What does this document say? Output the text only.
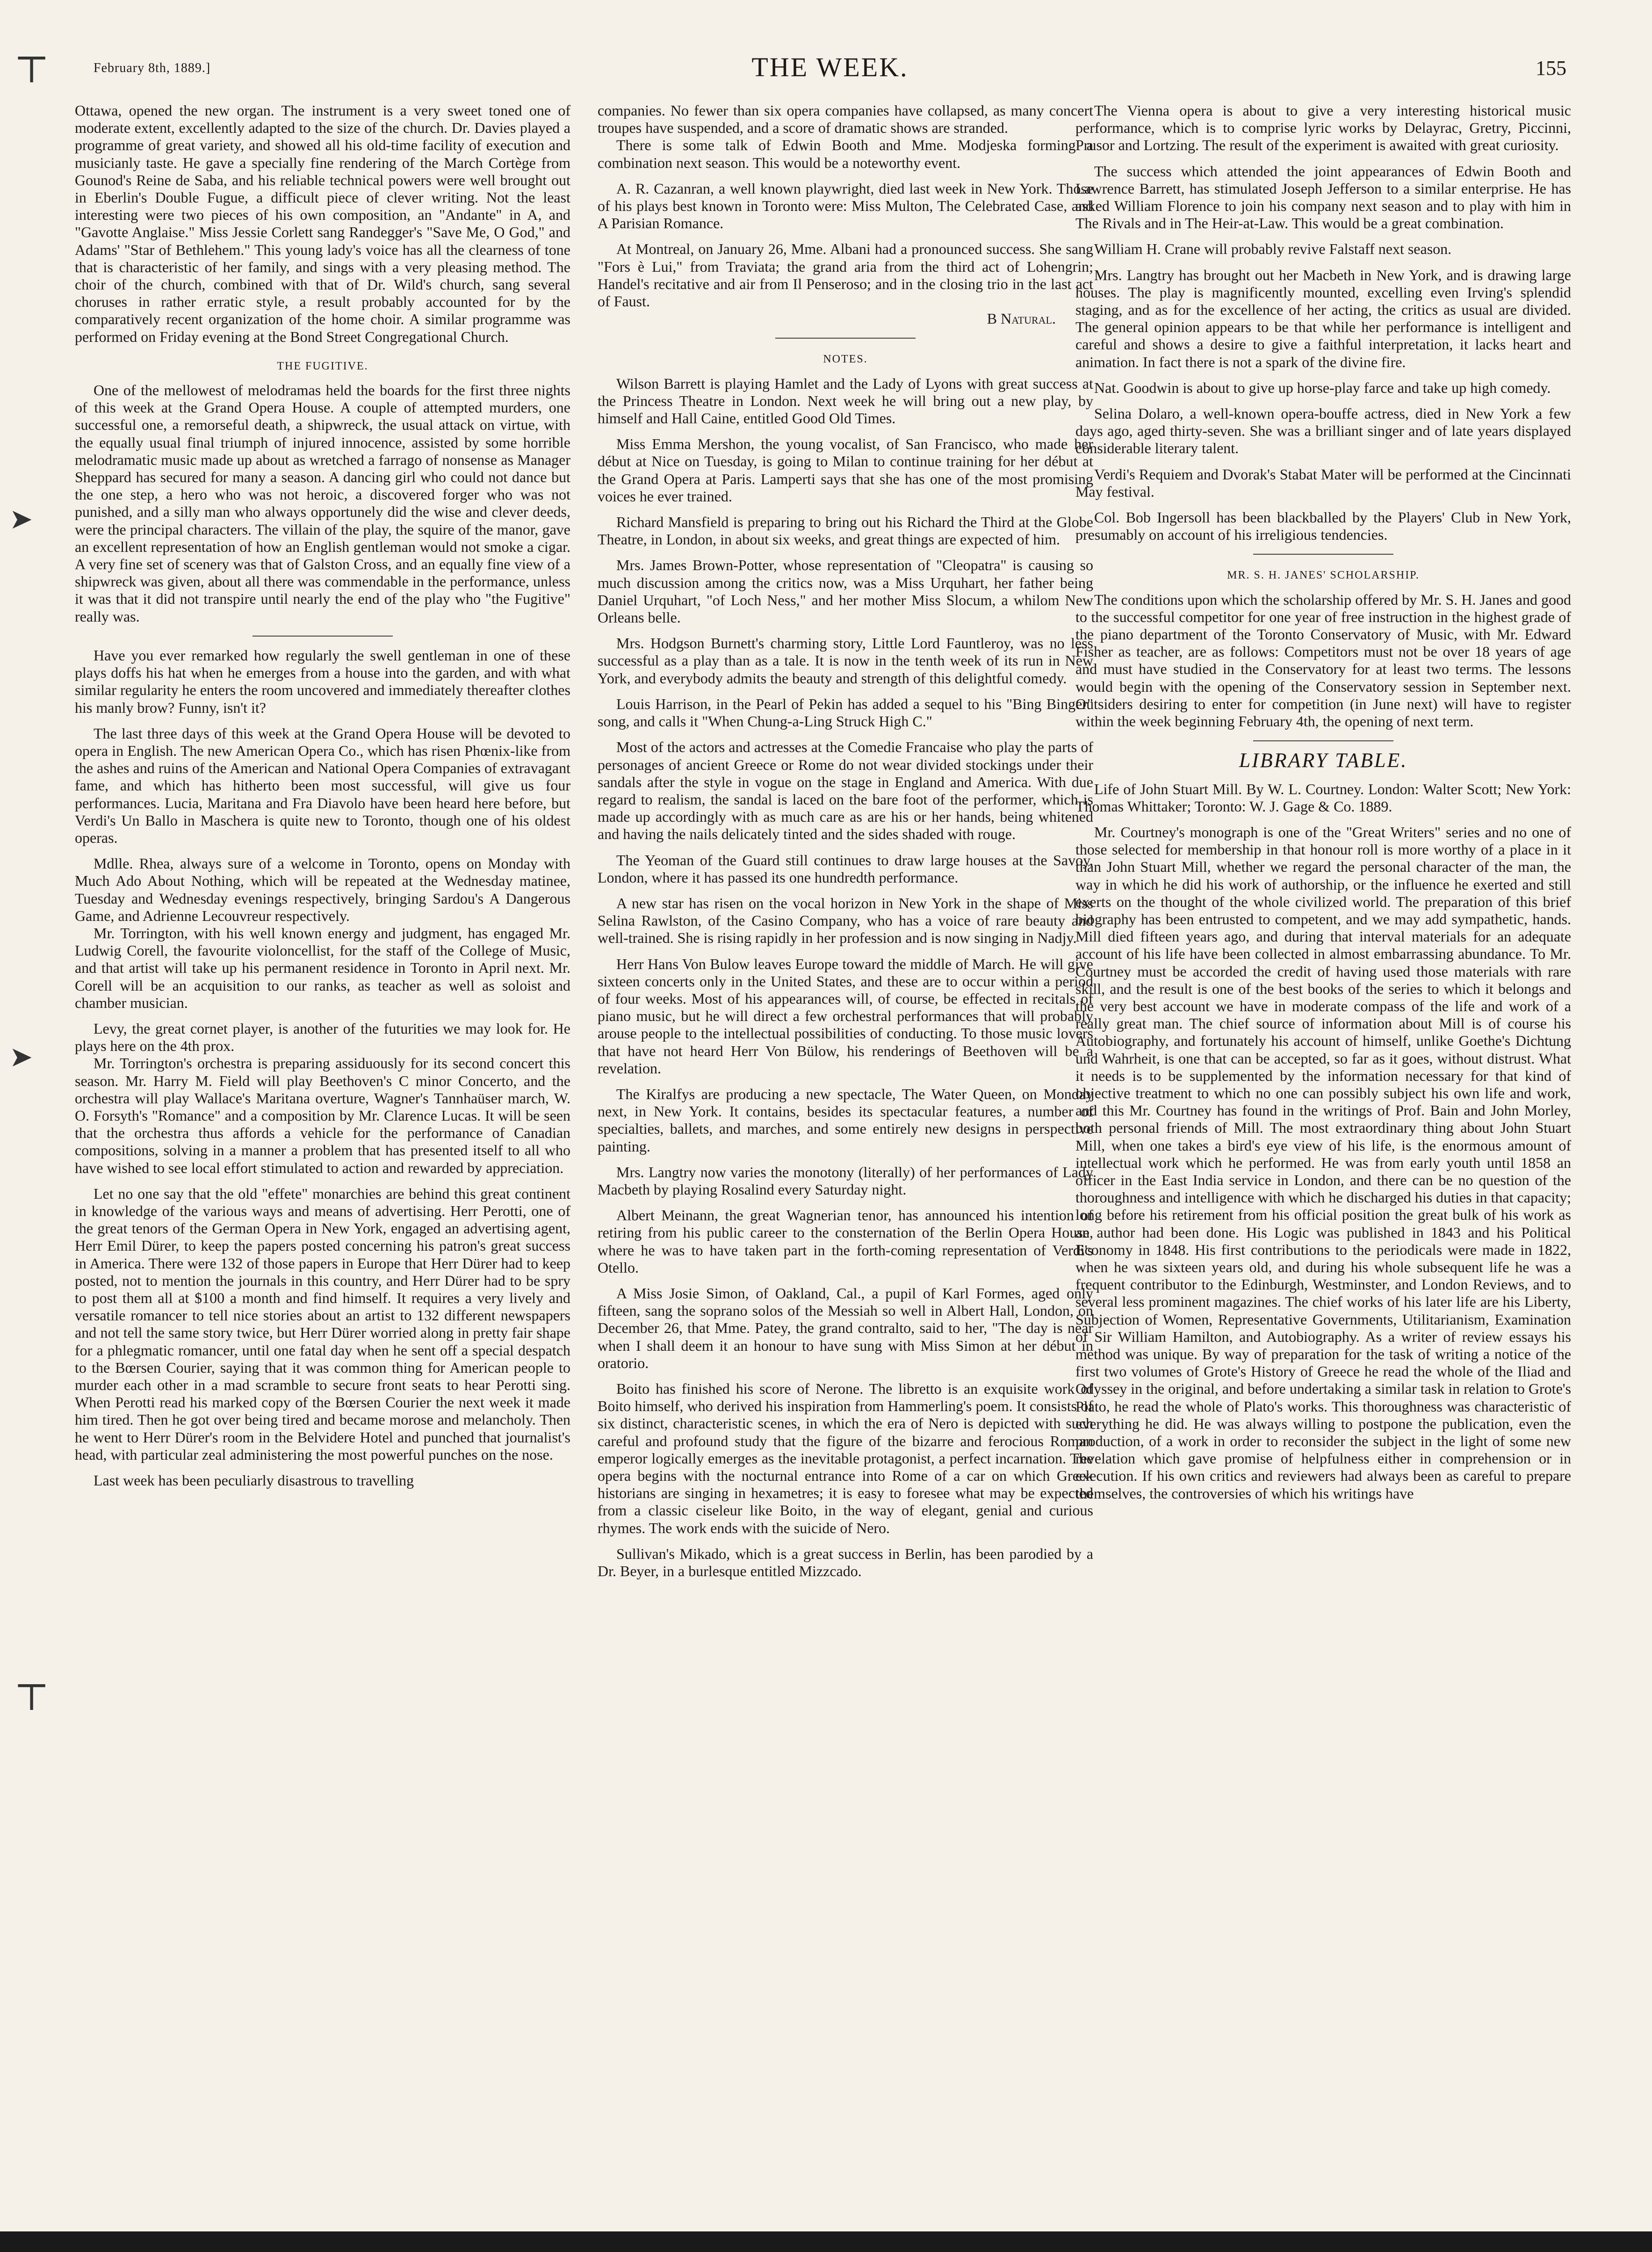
February 8th, 1889.]	THE WEEK.	155
⊤
➤
➤
⊤

Ottawa, opened the new organ. The instrument is a very sweet toned one of moderate extent, excellently adapted to the size of the church. Dr. Davies played a programme of great variety, and showed all his old-time facility of execution and musicianly taste. He gave a specially fine rendering of the March Cortège from Gounod's Reine de Saba, and his reliable technical powers were well brought out in Eberlin's Double Fugue, a difficult piece of clever writing. Not the least interesting were two pieces of his own composition, an "Andante" in A, and "Gavotte Anglaise." Miss Jessie Corlett sang Randegger's "Save Me, O God," and Adams' "Star of Bethlehem." This young lady's voice has all the clearness of tone that is characteristic of her family, and sings with a very pleasing method. The choir of the church, combined with that of Dr. Wild's church, sang several choruses in rather erratic style, a result probably accounted for by the comparatively recent organization of the home choir. A similar programme was performed on Friday evening at the Bond Street Congregational Church.

THE FUGITIVE.

One of the mellowest of melodramas held the boards for the first three nights of this week at the Grand Opera House. A couple of attempted murders, one successful one, a remorseful death, a shipwreck, the usual attack on virtue, with the equally usual final triumph of injured innocence, assisted by some horrible melodramatic music made up about as wretched a farrago of nonsense as Manager Sheppard has secured for many a season. A dancing girl who could not dance but the one step, a hero who was not heroic, a discovered forger who was not punished, and a silly man who always opportunely did the wise and clever deeds, were the principal characters. The villain of the play, the squire of the manor, gave an excellent representation of how an English gentleman would not smoke a cigar. A very fine set of scenery was that of Galston Cross, and an equally fine view of a shipwreck was given, about all there was commendable in the performance, unless it was that it did not transpire until nearly the end of the play who "the Fugitive" really was.

Have you ever remarked how regularly the swell gentleman in one of these plays doffs his hat when he emerges from a house into the garden, and with what similar regularity he enters the room uncovered and immediately thereafter clothes his manly brow? Funny, isn't it?

The last three days of this week at the Grand Opera House will be devoted to opera in English. The new American Opera Co., which has risen Phœnix-like from the ashes and ruins of the American and National Opera Companies of extravagant fame, and which has hitherto been most successful, will give us four performances. Lucia, Maritana and Fra Diavolo have been heard here before, but Verdi's Un Ballo in Maschera is quite new to Toronto, though one of his oldest operas.

Mdlle. Rhea, always sure of a welcome in Toronto, opens on Monday with Much Ado About Nothing, which will be repeated at the Wednesday matinee, Tuesday and Wednesday evenings respectively, bringing Sardou's A Dangerous Game, and Adrienne Lecouvreur respectively.

Mr. Torrington, with his well known energy and judgment, has engaged Mr. Ludwig Corell, the favourite violoncellist, for the staff of the College of Music, and that artist will take up his permanent residence in Toronto in April next. Mr. Corell will be an acquisition to our ranks, as teacher as well as soloist and chamber musician.

Levy, the great cornet player, is another of the futurities we may look for. He plays here on the 4th prox.

Mr. Torrington's orchestra is preparing assiduously for its second concert this season. Mr. Harry M. Field will play Beethoven's C minor Concerto, and the orchestra will play Wallace's Maritana overture, Wagner's Tannhaüser march, W. O. Forsyth's "Romance" and a composition by Mr. Clarence Lucas. It will be seen that the orchestra thus affords a vehicle for the performance of Canadian compositions, solving in a manner a problem that has presented itself to all who have wished to see local effort stimulated to action and rewarded by appreciation.

Let no one say that the old "effete" monarchies are behind this great continent in knowledge of the various ways and means of advertising. Herr Perotti, one of the great tenors of the German Opera in New York, engaged an advertising agent, Herr Emil Dürer, to keep the papers posted concerning his patron's great success in America. There were 132 of those papers in Europe that Herr Dürer had to keep posted, not to mention the journals in this country, and Herr Dürer had to be spry to post them all at $100 a month and find himself. It requires a very lively and versatile romancer to tell nice stories about an artist to 132 different newspapers and not tell the same story twice, but Herr Dürer worried along in pretty fair shape for a phlegmatic romancer, until one fatal day when he sent off a special despatch to the Bœrsen Courier, saying that it was common thing for American people to murder each other in a mad scramble to secure front seats to hear Perotti sing. When Perotti read his marked copy of the Bœrsen Courier the next week it made him tired. Then he got over being tired and became morose and melancholy. Then he went to Herr Dürer's room in the Belvidere Hotel and punched that journalist's head, with particular zeal administering the most powerful punches on the nose.

Last week has been peculiarly disastrous to travelling

companies. No fewer than six opera companies have collapsed, as many concert troupes have suspended, and a score of dramatic shows are stranded.

There is some talk of Edwin Booth and Mme. Modjeska forming a combination next season. This would be a noteworthy event.

A. R. Cazanran, a well known playwright, died last week in New York. Those of his plays best known in Toronto were: Miss Multon, The Celebrated Case, and A Parisian Romance.

At Montreal, on January 26, Mme. Albani had a pronounced success. She sang "Fors è Lui," from Traviata; the grand aria from the third act of Lohengrin; Handel's recitative and air from Il Penseroso; and in the closing trio in the last act of Faust.

B Natural.

NOTES.

Wilson Barrett is playing Hamlet and the Lady of Lyons with great success at the Princess Theatre in London. Next week he will bring out a new play, by himself and Hall Caine, entitled Good Old Times.

Miss Emma Mershon, the young vocalist, of San Francisco, who made her début at Nice on Tuesday, is going to Milan to continue training for her début at the Grand Opera at Paris. Lamperti says that she has one of the most promising voices he ever trained.

Richard Mansfield is preparing to bring out his Richard the Third at the Globe Theatre, in London, in about six weeks, and great things are expected of him.

Mrs. James Brown-Potter, whose representation of "Cleopatra" is causing so much discussion among the critics now, was a Miss Urquhart, her father being Daniel Urquhart, "of Loch Ness," and her mother Miss Slocum, a whilom New Orleans belle.

Mrs. Hodgson Burnett's charming story, Little Lord Fauntleroy, was no less successful as a play than as a tale. It is now in the tenth week of its run in New York, and everybody admits the beauty and strength of this delightful comedy.

Louis Harrison, in the Pearl of Pekin has added a sequel to his "Bing Binger" song, and calls it "When Chung-a-Ling Struck High C."

Most of the actors and actresses at the Comedie Francaise who play the parts of personages of ancient Greece or Rome do not wear divided stockings under their sandals after the style in vogue on the stage in England and America. With due regard to realism, the sandal is laced on the bare foot of the performer, which is made up accordingly with as much care as are his or her hands, being whitened and having the nails delicately tinted and the sides shaded with rouge.

The Yeoman of the Guard still continues to draw large houses at the Savoy, London, where it has passed its one hundredth performance.

A new star has risen on the vocal horizon in New York in the shape of Miss Selina Rawlston, of the Casino Company, who has a voice of rare beauty and well-trained. She is rising rapidly in her profession and is now singing in Nadjy.

Herr Hans Von Bulow leaves Europe toward the middle of March. He will give sixteen concerts only in the United States, and these are to occur within a period of four weeks. Most of his appearances will, of course, be effected in recitals of piano music, but he will direct a few orchestral performances that will probably arouse people to the intellectual possibilities of conducting. To those music lovers that have not heard Herr Von Bülow, his renderings of Beethoven will be a revelation.

The Kiralfys are producing a new spectacle, The Water Queen, on Monday next, in New York. It contains, besides its spectacular features, a number of specialties, ballets, and marches, and some entirely new designs in perspective painting.

Mrs. Langtry now varies the monotony (literally) of her performances of Lady Macbeth by playing Rosalind every Saturday night.

Albert Meinann, the great Wagnerian tenor, has announced his intention of retiring from his public career to the consternation of the Berlin Opera House, where he was to have taken part in the forth-coming representation of Verdi's Otello.

A Miss Josie Simon, of Oakland, Cal., a pupil of Karl Formes, aged only fifteen, sang the soprano solos of the Messiah so well in Albert Hall, London, on December 26, that Mme. Patey, the grand contralto, said to her, "The day is near when I shall deem it an honour to have sung with Miss Simon at her début in oratorio.

Boito has finished his score of Nerone. The libretto is an exquisite work of Boito himself, who derived his inspiration from Hammerling's poem. It consists of six distinct, characteristic scenes, in which the era of Nero is depicted with such careful and profound study that the figure of the bizarre and ferocious Roman emperor logically emerges as the inevitable protagonist, a perfect incarnation. The opera begins with the nocturnal entrance into Rome of a car on which Greek historians are singing in hexametres; it is easy to foresee what may be expected from a classic ciseleur like Boito, in the way of elegant, genial and curious rhymes. The work ends with the suicide of Nero.

Sullivan's Mikado, which is a great success in Berlin, has been parodied by a Dr. Beyer, in a burlesque entitled Mizzcado.

The Vienna opera is about to give a very interesting historical music performance, which is to comprise lyric works by Delayrac, Gretry, Piccinni, Prusor and Lortzing. The result of the experiment is awaited with great curiosity.

The success which attended the joint appearances of Edwin Booth and Lawrence Barrett, has stimulated Joseph Jefferson to a similar enterprise. He has asked William Florence to join his company next season and to play with him in The Rivals and in The Heir-at-Law. This would be a great combination.

William H. Crane will probably revive Falstaff next season.

Mrs. Langtry has brought out her Macbeth in New York, and is drawing large houses. The play is magnificently mounted, excelling even Irving's splendid staging, and as for the excellence of her acting, the critics as usual are divided. The general opinion appears to be that while her performance is intelligent and careful and shows a desire to give a faithful interpretation, it lacks heart and animation. In fact there is not a spark of the divine fire.

Nat. Goodwin is about to give up horse-play farce and take up high comedy.

Selina Dolaro, a well-known opera-bouffe actress, died in New York a few days ago, aged thirty-seven. She was a brilliant singer and of late years displayed considerable literary talent.

Verdi's Requiem and Dvorak's Stabat Mater will be performed at the Cincinnati May festival.

Col. Bob Ingersoll has been blackballed by the Players' Club in New York, presumably on account of his irreligious tendencies.

MR. S. H. JANES' SCHOLARSHIP.

The conditions upon which the scholarship offered by Mr. S. H. Janes and good to the successful competitor for one year of free instruction in the highest grade of the piano department of the Toronto Conservatory of Music, with Mr. Edward Fisher as teacher, are as follows: Competitors must not be over 18 years of age and must have studied in the Conservatory for at least two terms. The lessons would begin with the opening of the Conservatory session in September next. Outsiders desiring to enter for competition (in June next) will have to register within the week beginning February 4th, the opening of next term.

LIBRARY TABLE.

Life of John Stuart Mill. By W. L. Courtney. London: Walter Scott; New York: Thomas Whittaker; Toronto: W. J. Gage & Co. 1889.

Mr. Courtney's monograph is one of the "Great Writers" series and no one of those selected for membership in that honour roll is more worthy of a place in it than John Stuart Mill, whether we regard the personal character of the man, the way in which he did his work of authorship, or the influence he exerted and still exerts on the thought of the whole civilized world. The preparation of this brief biography has been entrusted to competent, and we may add sympathetic, hands. Mill died fifteen years ago, and during that interval materials for an adequate account of his life have been collected in almost embarrassing abundance. To Mr. Courtney must be accorded the credit of having used those materials with rare skill, and the result is one of the best books of the series to which it belongs and the very best account we have in moderate compass of the life and work of a really great man. The chief source of information about Mill is of course his Autobiography, and fortunately his account of himself, unlike Goethe's Dichtung und Wahrheit, is one that can be accepted, so far as it goes, without distrust. What it needs is to be supplemented by the information necessary for that kind of objective treatment to which no one can possibly subject his own life and work, and this Mr. Courtney has found in the writings of Prof. Bain and John Morley, both personal friends of Mill. The most extraordinary thing about John Stuart Mill, when one takes a bird's eye view of his life, is the enormous amount of intellectual work which he performed. He was from early youth until 1858 an officer in the East India service in London, and there can be no question of the thoroughness and intelligence with which he discharged his duties in that capacity; long before his retirement from his official position the great bulk of his work as an author had been done. His Logic was published in 1843 and his Political Economy in 1848. His first contributions to the periodicals were made in 1822, when he was sixteen years old, and during his whole subsequent life he was a frequent contributor to the Edinburgh, Westminster, and London Reviews, and to several less prominent magazines. The chief works of his later life are his Liberty, Subjection of Women, Representative Governments, Utilitarianism, Examination of Sir William Hamilton, and Autobiography. As a writer of review essays his method was unique. By way of preparation for the task of writing a notice of the first two volumes of Grote's History of Greece he read the whole of the Iliad and Odyssey in the original, and before undertaking a similar task in relation to Grote's Plato, he read the whole of Plato's works. This thoroughness was characteristic of everything he did. He was always willing to postpone the publication, even the production, of a work in order to reconsider the subject in the light of some new revelation which gave promise of helpfulness either in comprehension or in execution. If his own critics and reviewers had always been as careful to prepare themselves, the controversies of which his writings have
